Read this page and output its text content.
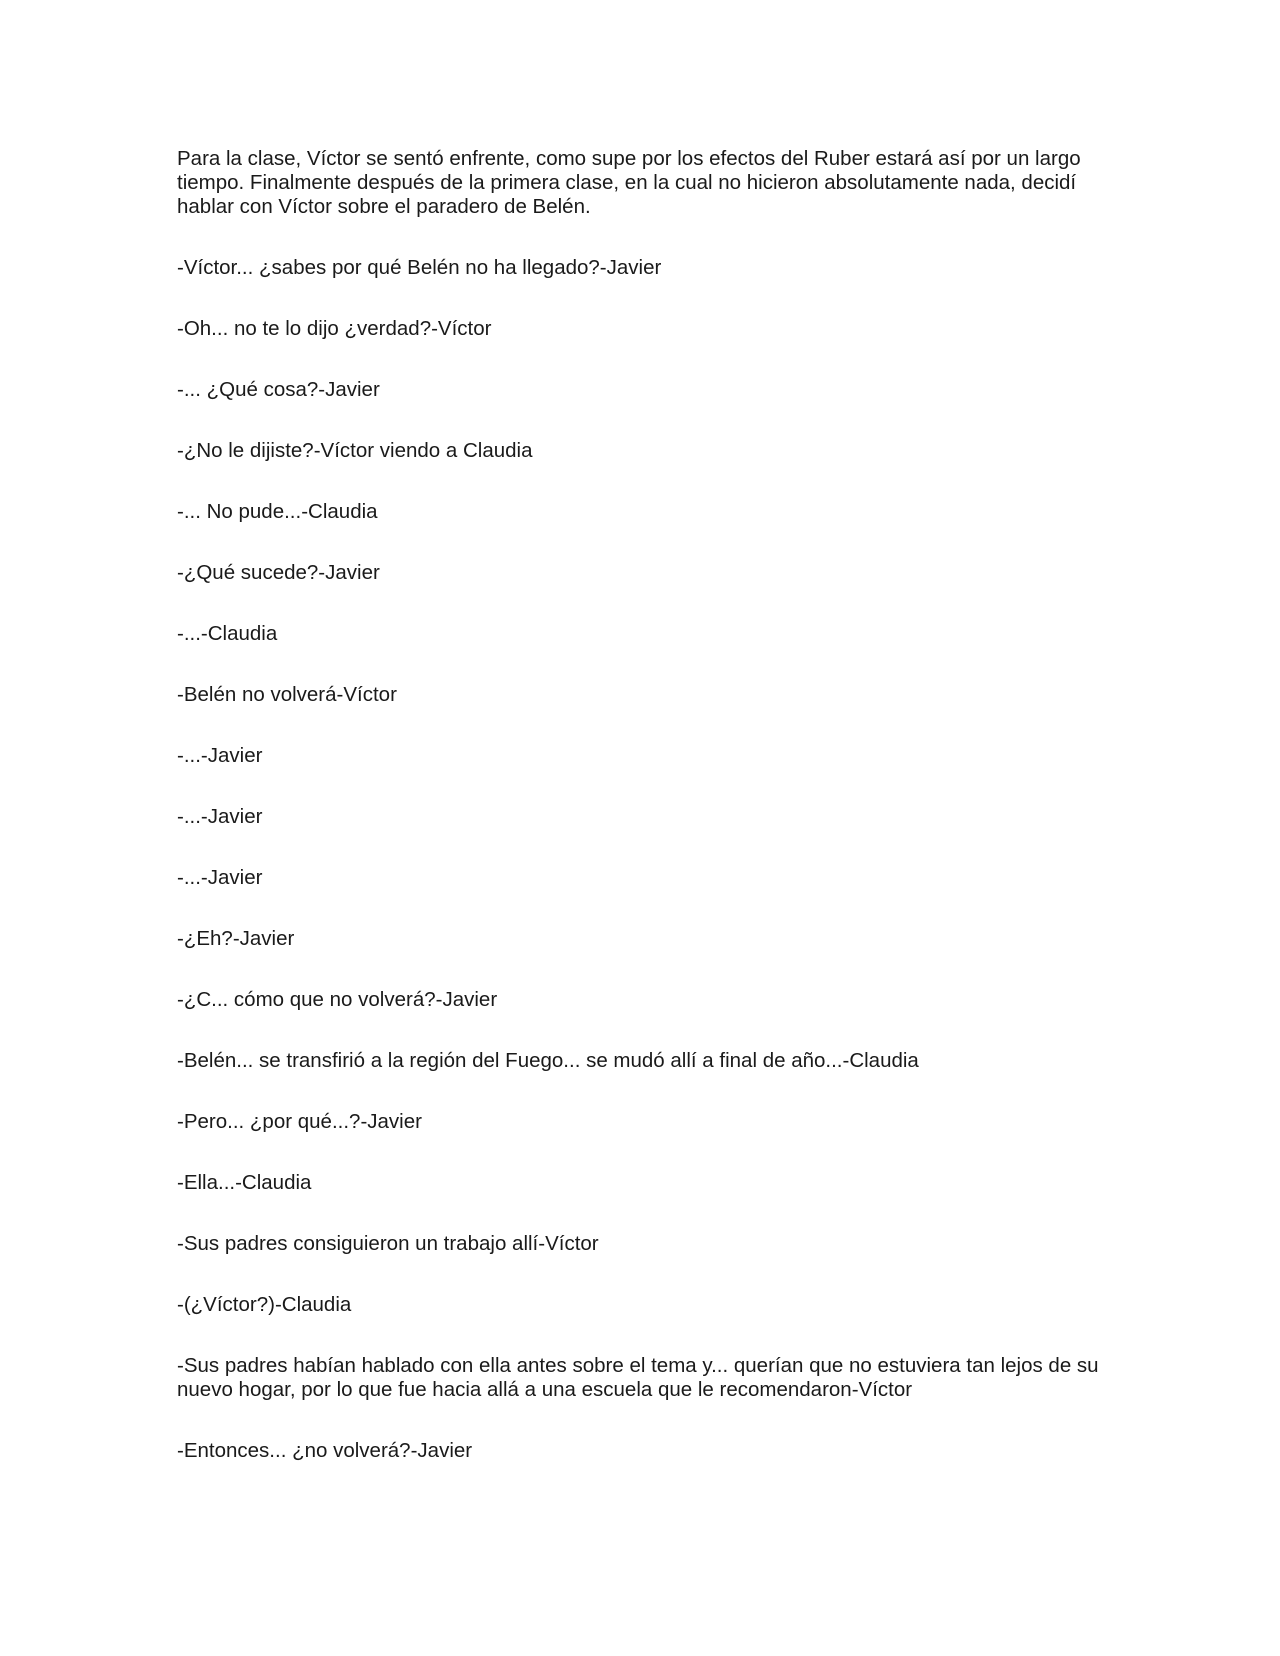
Para la clase, Víctor se sentó enfrente, como supe por los efectos del Ruber estará así por un largo tiempo. Finalmente después de la primera clase, en la cual no hicieron absolutamente nada, decidí hablar con Víctor sobre el paradero de Belén.

-Víctor... ¿sabes por qué Belén no ha llegado?-Javier

-Oh... no te lo dijo ¿verdad?-Víctor

-... ¿Qué cosa?-Javier

-¿No le dijiste?-Víctor viendo a Claudia

-... No pude...-Claudia

-¿Qué sucede?-Javier

-...-Claudia

-Belén no volverá-Víctor

-...-Javier

-...-Javier

-...-Javier

-¿Eh?-Javier

-¿C... cómo que no volverá?-Javier

-Belén... se transfirió a la región del Fuego... se mudó allí a final de año...-Claudia

-Pero... ¿por qué...?-Javier

-Ella...-Claudia

-Sus padres consiguieron un trabajo allí-Víctor

-(¿Víctor?)-Claudia

-Sus padres habían hablado con ella antes sobre el tema y... querían que no estuviera tan lejos de su nuevo hogar, por lo que fue hacia allá a una escuela que le recomendaron-Víctor

-Entonces... ¿no volverá?-Javier
